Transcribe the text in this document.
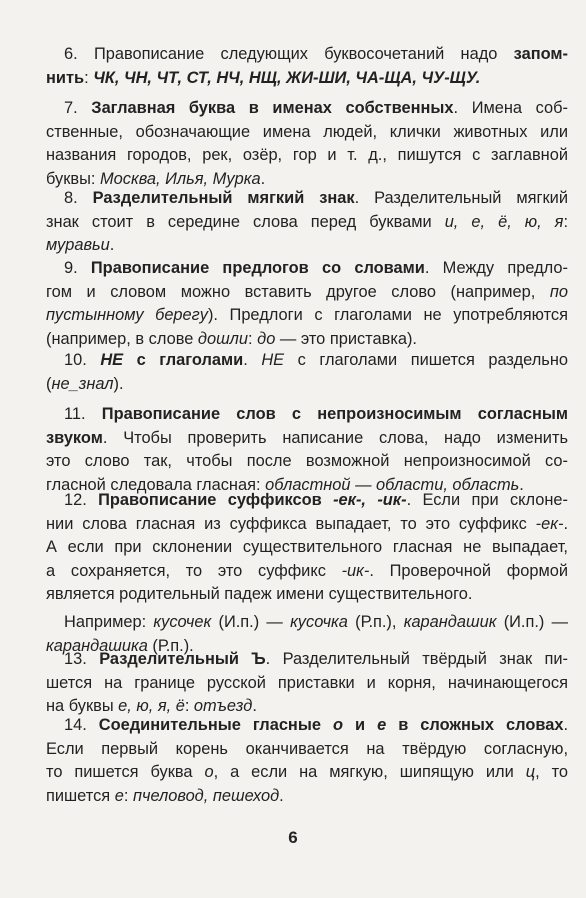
6. Правописание следующих буквосочетаний надо запом-
нить: ЧК, ЧН, ЧТ, СТ, НЧ, НЩ, ЖИ-ШИ, ЧА-ЩА, ЧУ-ЩУ.
7. Заглавная буква в именах собственных. Имена соб-
ственные, обозначающие имена людей, клички животных или
названия городов, рек, озёр, гор и т. д., пишутся с заглавной
буквы: Москва, Илья, Мурка.
8. Разделительный мягкий знак. Разделительный мягкий
знак стоит в середине слова перед буквами и, е, ё, ю, я:
муравьи.
9. Правописание предлогов со словами. Между предло-
гом и словом можно вставить другое слово (например, по
пустынному берегу). Предлоги с глаголами не употребляются
(например, в слове дошли: до — это приставка).
10. НЕ с глаголами. НЕ с глаголами пишется раздельно
(не_знал).
11. Правописание слов с непроизносимым согласным
звуком. Чтобы проверить написание слова, надо изменить
это слово так, чтобы после возможной непроизносимой со-
гласной следовала гласная: областной — области, область.
12. Правописание суффиксов -ек-, -ик-. Если при склоне-
нии слова гласная из суффикса выпадает, то это суффикс -ек-.
А если при склонении существительного гласная не выпадает,
а сохраняется, то это суффикс -ик-. Проверочной формой
является родительный падеж имени существительного.
Например: кусочек (И.п.) — кусочка (Р.п.), карандашик (И.п.) —
карандашика (Р.п.).
13. Разделительный Ъ. Разделительный твёрдый знак пи-
шется на границе русской приставки и корня, начинающегося
на буквы е, ю, я, ё: отъезд.
14. Соединительные гласные о и е в сложных словах.
Если первый корень оканчивается на твёрдую согласную,
то пишется буква о, а если на мягкую, шипящую или ц, то
пишется е: пчеловод, пешеход.
6
